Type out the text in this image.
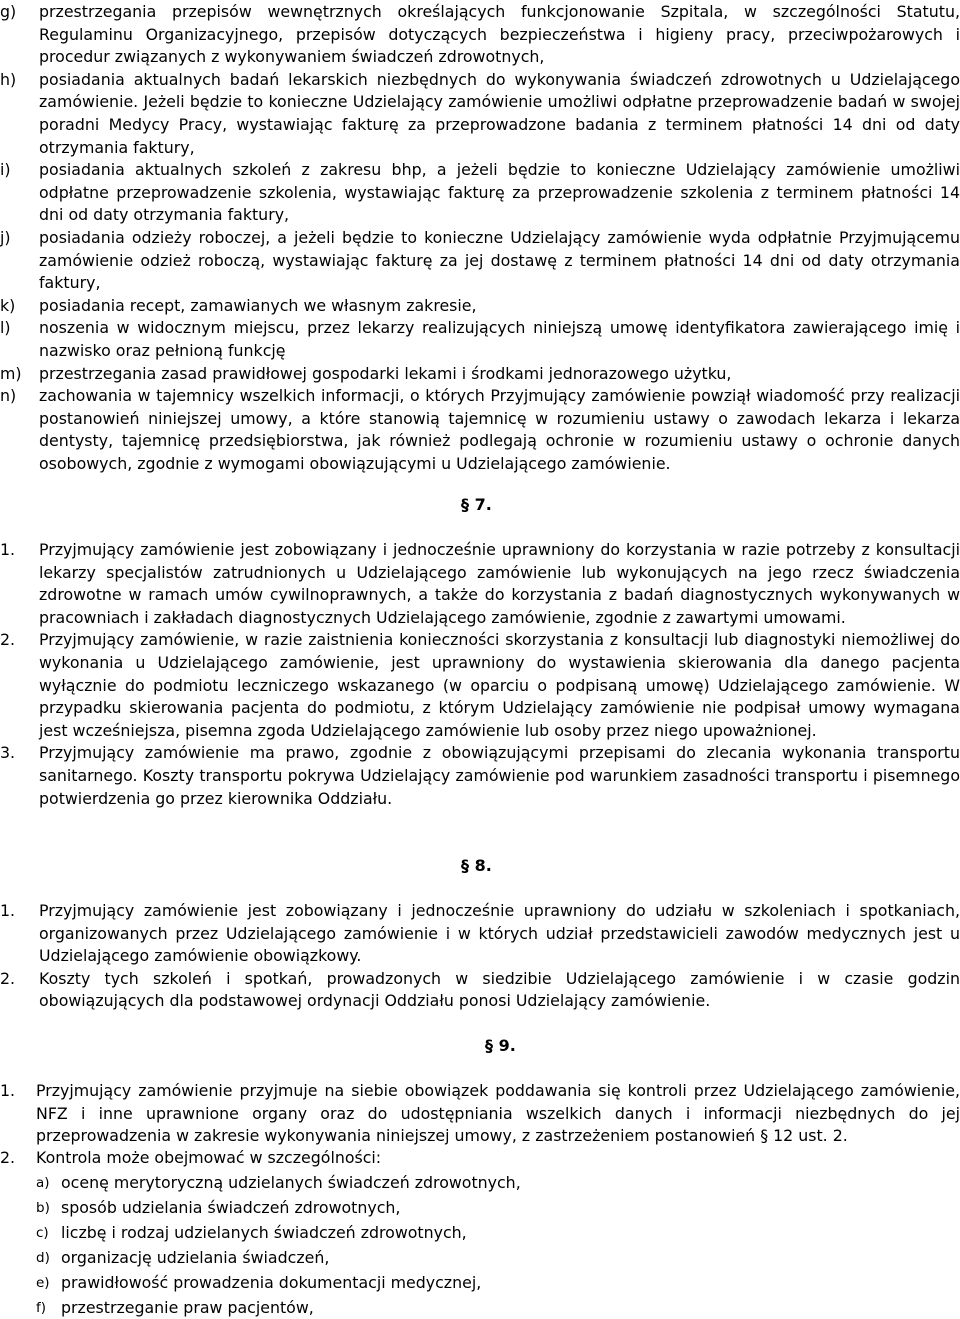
g)	przestrzegania przepisów wewnętrznych określających funkcjonowanie Szpitala, w szczególności Statutu, Regulaminu Organizacyjnego, przepisów dotyczących bezpieczeństwa i higieny pracy, przeciwpożarowych i procedur związanych z wykonywaniem świadczeń zdrowotnych,
h)	posiadania aktualnych badań lekarskich niezbędnych do wykonywania świadczeń zdrowotnych u Udzielającego zamówienie. Jeżeli będzie to konieczne Udzielający zamówienie umożliwi odpłatne przeprowadzenie badań w swojej poradni Medycy Pracy, wystawiając fakturę za przeprowadzone badania z terminem płatności 14 dni od daty otrzymania faktury,
i)	posiadania aktualnych szkoleń z zakresu bhp, a jeżeli będzie to konieczne Udzielający zamówienie umożliwi odpłatne przeprowadzenie szkolenia, wystawiając fakturę za przeprowadzenie szkolenia z terminem płatności 14 dni od daty otrzymania faktury,
j)	posiadania odzieży roboczej, a jeżeli będzie to konieczne Udzielający zamówienie wyda odpłatnie Przyjmującemu zamówienie odzież roboczą, wystawiając fakturę za jej dostawę z terminem płatności 14 dni od daty otrzymania faktury,
k)	posiadania recept, zamawianych we własnym zakresie,
l)	noszenia w widocznym miejscu, przez lekarzy realizujących niniejszą umowę identyfikatora zawierającego imię i nazwisko oraz pełnioną funkcję
m)	przestrzegania zasad prawidłowej gospodarki lekami i środkami jednorazowego użytku,
n)	zachowania w tajemnicy wszelkich informacji, o których Przyjmujący zamówienie powziął wiadomość przy realizacji postanowień niniejszej umowy, a które stanowią tajemnicę w rozumieniu ustawy o zawodach lekarza i lekarza dentysty, tajemnicę przedsiębiorstwa, jak również podlegają ochronie w rozumieniu ustawy o ochronie danych osobowych, zgodnie z wymogami obowiązującymi u Udzielającego zamówienie.
§ 7.
1.	Przyjmujący zamówienie jest zobowiązany i jednocześnie uprawniony do korzystania w razie potrzeby z konsultacji lekarzy specjalistów zatrudnionych u Udzielającego zamówienie lub wykonujących na jego rzecz świadczenia zdrowotne w ramach umów cywilnoprawnych, a także do korzystania z badań diagnostycznych wykonywanych w pracowniach i zakładach diagnostycznych Udzielającego zamówienie, zgodnie z zawartymi umowami.
2.	Przyjmujący zamówienie, w razie zaistnienia konieczności skorzystania z konsultacji lub diagnostyki niemożliwej do wykonania u Udzielającego zamówienie, jest uprawniony do wystawienia skierowania dla danego pacjenta wyłącznie do podmiotu leczniczego wskazanego (w oparciu o podpisaną umowę) Udzielającego zamówienie. W przypadku skierowania pacjenta do podmiotu, z którym Udzielający zamówienie nie podpisał umowy wymagana jest wcześniejsza, pisemna zgoda Udzielającego zamówienie lub osoby przez niego upoważnionej.
3.	Przyjmujący zamówienie ma prawo, zgodnie z obowiązującymi przepisami do zlecania wykonania transportu sanitarnego. Koszty transportu pokrywa Udzielający zamówienie pod warunkiem zasadności transportu i pisemnego potwierdzenia go przez kierownika Oddziału.
§ 8.
1.	Przyjmujący zamówienie jest zobowiązany i jednocześnie uprawniony do udziału w szkoleniach i spotkaniach, organizowanych przez Udzielającego zamówienie i w których udział przedstawicieli zawodów medycznych jest u Udzielającego zamówienie obowiązkowy.
2.	Koszty tych szkoleń i spotkań, prowadzonych w siedzibie Udzielającego zamówienie i w czasie godzin obowiązujących dla podstawowej ordynacji Oddziału ponosi Udzielający zamówienie.
§ 9.
1.	Przyjmujący zamówienie przyjmuje na siebie obowiązek poddawania się kontroli przez Udzielającego zamówienie, NFZ i inne uprawnione organy oraz do udostępniania wszelkich danych i informacji niezbędnych do jej przeprowadzenia w zakresie wykonywania niniejszej umowy, z zastrzeżeniem postanowień § 12 ust. 2.
2.	Kontrola może obejmować w szczególności:
a) ocenę merytoryczną udzielanych świadczeń zdrowotnych,
b) sposób udzielania świadczeń zdrowotnych,
c) liczbę i rodzaj udzielanych świadczeń zdrowotnych,
d) organizację udzielania świadczeń,
e) prawidłowość prowadzenia dokumentacji medycznej,
f) przestrzeganie praw pacjentów,
